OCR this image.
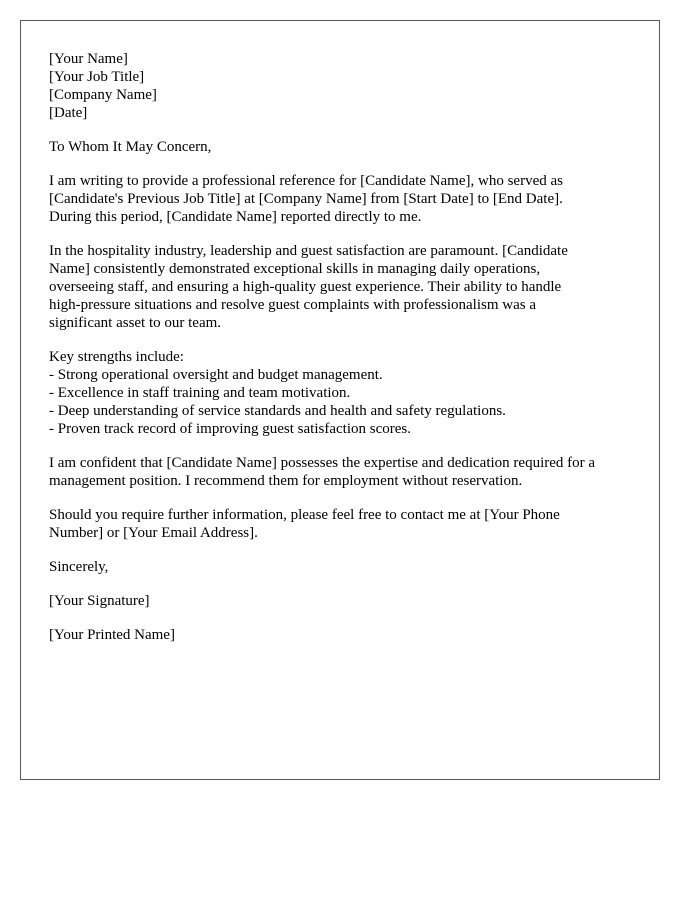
[Your Name]
[Your Job Title]
[Company Name]
[Date]

To Whom It May Concern,

I am writing to provide a professional reference for [Candidate Name], who served as
[Candidate's Previous Job Title] at [Company Name] from [Start Date] to [End Date].
During this period, [Candidate Name] reported directly to me.
In the hospitality industry, leadership and guest satisfaction are paramount. [Candidate
Name] consistently demonstrated exceptional skills in managing daily operations,
overseeing staff, and ensuring a high-quality guest experience. Their ability to handle
high-pressure situations and resolve guest complaints with professionalism was a
significant asset to our team.
Key strengths include:
- Strong operational oversight and budget management.
- Excellence in staff training and team motivation.
- Deep understanding of service standards and health and safety regulations.
- Proven track record of improving guest satisfaction scores.
I am confident that [Candidate Name] possesses the expertise and dedication required for a
management position. I recommend them for employment without reservation.
Should you require further information, please feel free to contact me at [Your Phone
Number] or [Your Email Address].

Sincerely,

[Your Signature]

[Your Printed Name]
